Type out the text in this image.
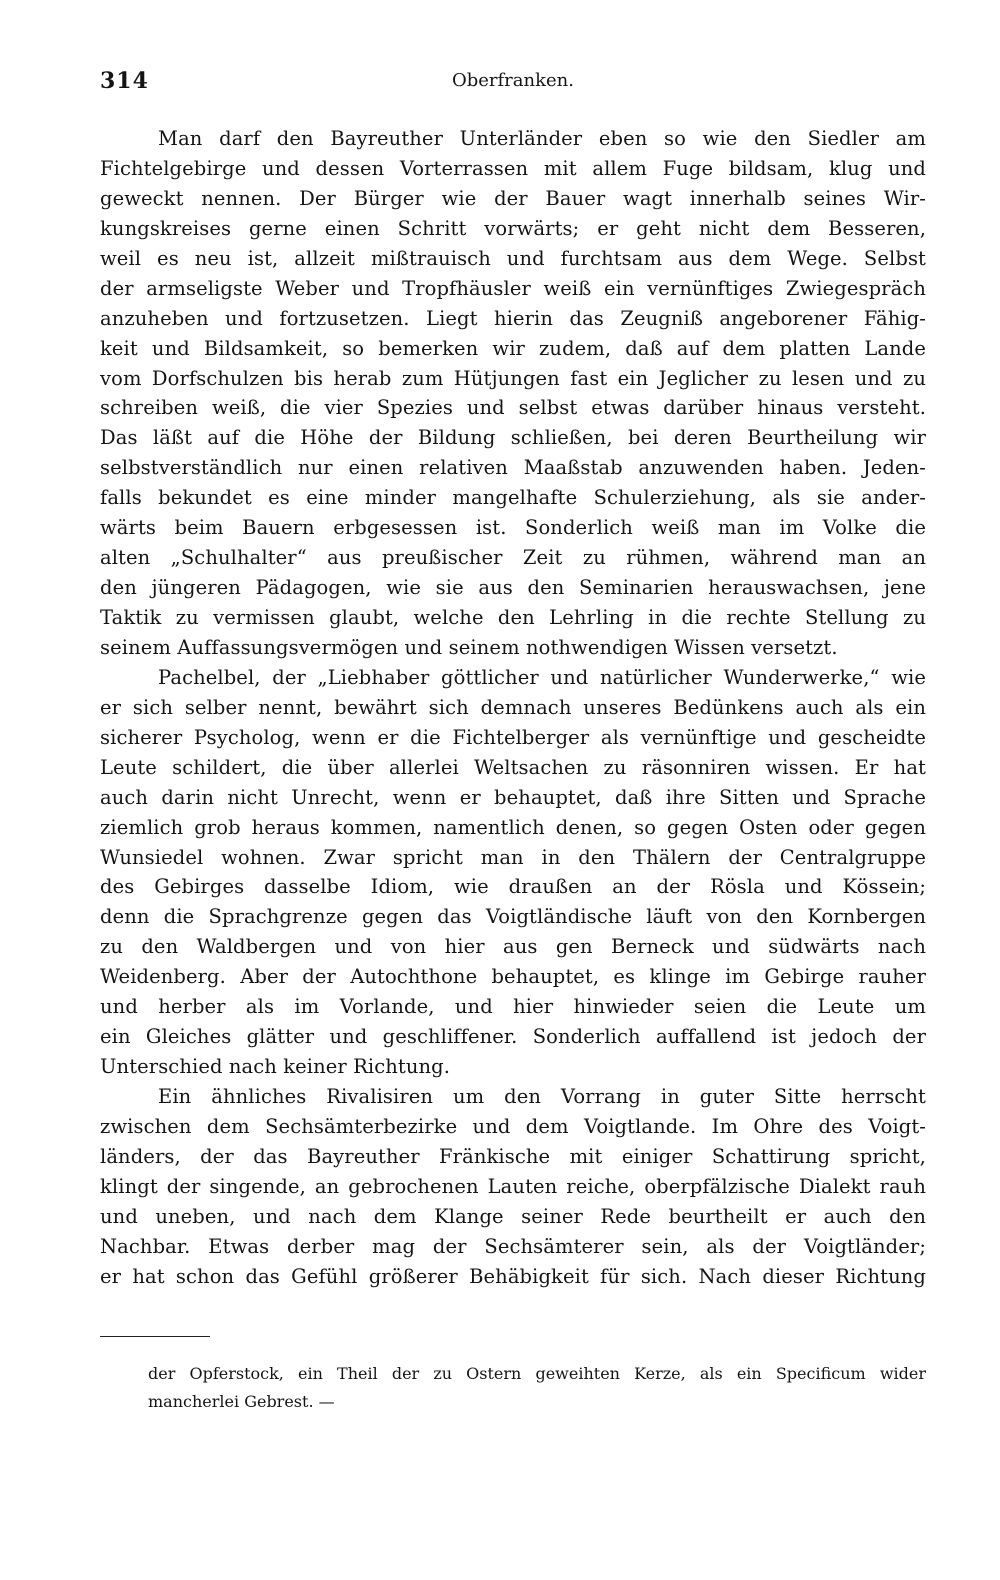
314	Oberfranken.
Man darf den Bayreuther Unterländer eben so wie den Siedler am
Fichtelgebirge und dessen Vorterrassen mit allem Fuge bildsam, klug und
geweckt nennen. Der Bürger wie der Bauer wagt innerhalb seines Wir-
kungskreises gerne einen Schritt vorwärts; er geht nicht dem Besseren,
weil es neu ist, allzeit mißtrauisch und furchtsam aus dem Wege. Selbst
der armseligste Weber und Tropfhäusler weiß ein vernünftiges Zwiegespräch
anzuheben und fortzusetzen. Liegt hierin das Zeugniß angeborener Fähig-
keit und Bildsamkeit, so bemerken wir zudem, daß auf dem platten Lande
vom Dorfschulzen bis herab zum Hütjungen fast ein Jeglicher zu lesen und zu
schreiben weiß, die vier Spezies und selbst etwas darüber hinaus versteht.
Das läßt auf die Höhe der Bildung schließen, bei deren Beurtheilung wir
selbstverständlich nur einen relativen Maaßstab anzuwenden haben. Jeden-
falls bekundet es eine minder mangelhafte Schulerziehung, als sie ander-
wärts beim Bauern erbgesessen ist. Sonderlich weiß man im Volke die
alten „Schulhalter“ aus preußischer Zeit zu rühmen, während man an
den jüngeren Pädagogen, wie sie aus den Seminarien herauswachsen, jene
Taktik zu vermissen glaubt, welche den Lehrling in die rechte Stellung zu
seinem Auffassungsvermögen und seinem nothwendigen Wissen versetzt.
Pachelbel, der „Liebhaber göttlicher und natürlicher Wunderwerke,“ wie
er sich selber nennt, bewährt sich demnach unseres Bedünkens auch als ein
sicherer Psycholog, wenn er die Fichtelberger als vernünftige und gescheidte
Leute schildert, die über allerlei Weltsachen zu räsonniren wissen. Er hat
auch darin nicht Unrecht, wenn er behauptet, daß ihre Sitten und Sprache
ziemlich grob heraus kommen, namentlich denen, so gegen Osten oder gegen
Wunsiedel wohnen. Zwar spricht man in den Thälern der Centralgruppe
des Gebirges dasselbe Idiom, wie draußen an der Rösla und Kössein;
denn die Sprachgrenze gegen das Voigtländische läuft von den Kornbergen
zu den Waldbergen und von hier aus gen Berneck und südwärts nach
Weidenberg. Aber der Autochthone behauptet, es klinge im Gebirge rauher
und herber als im Vorlande, und hier hinwieder seien die Leute um
ein Gleiches glätter und geschliffener. Sonderlich auffallend ist jedoch der
Unterschied nach keiner Richtung.
Ein ähnliches Rivalisiren um den Vorrang in guter Sitte herrscht
zwischen dem Sechsämterbezirke und dem Voigtlande. Im Ohre des Voigt-
länders, der das Bayreuther Fränkische mit einiger Schattirung spricht,
klingt der singende, an gebrochenen Lauten reiche, oberpfälzische Dialekt rauh
und uneben, und nach dem Klange seiner Rede beurtheilt er auch den
Nachbar. Etwas derber mag der Sechsämterer sein, als der Voigtländer;
er hat schon das Gefühl größerer Behäbigkeit für sich. Nach dieser Richtung
der Opferstock, ein Theil der zu Ostern geweihten Kerze, als ein Specificum wider
mancherlei Gebrest. —
